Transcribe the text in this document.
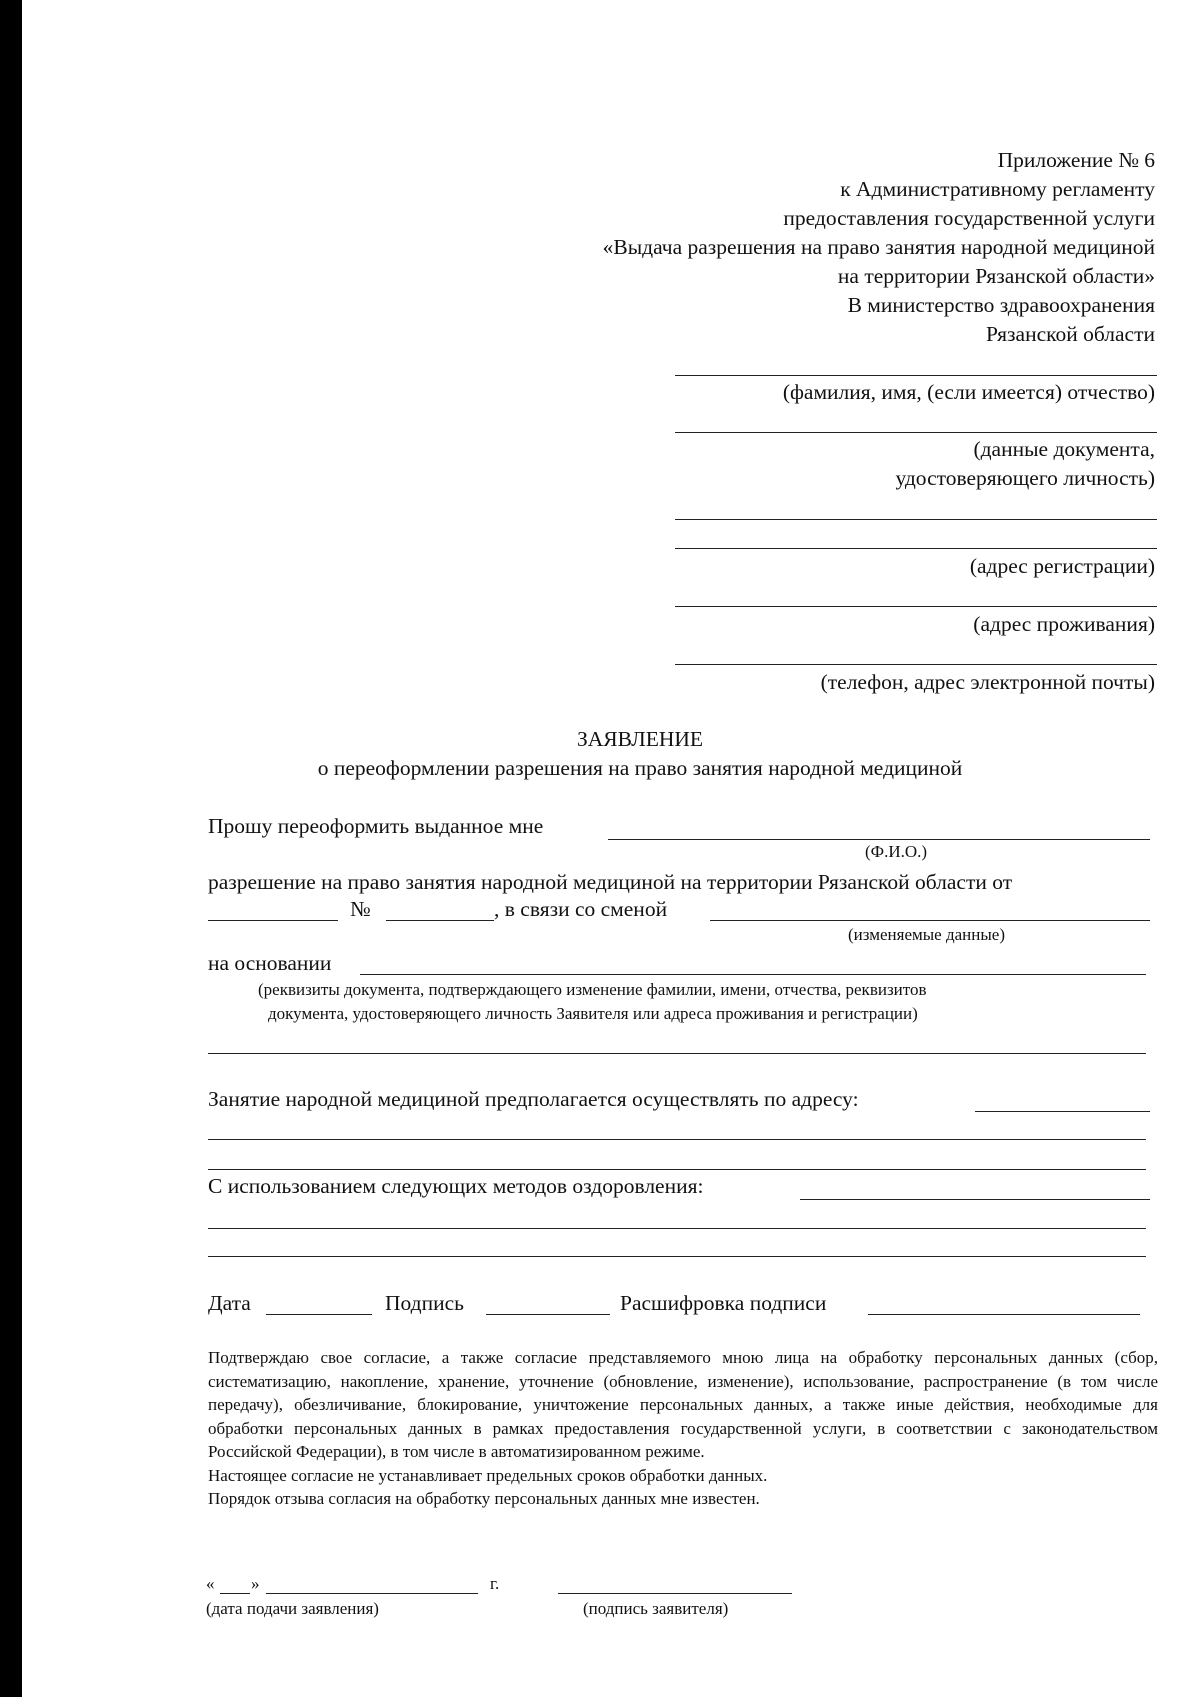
Приложение № 6
к Административному регламенту
предоставления государственной услуги
«Выдача разрешения на право занятия народной медициной
на территории Рязанской области»
В министерство здравоохранения
Рязанской области
(фамилия, имя, (если имеется) отчество)
(данные документа,
удостоверяющего личность)
(адрес регистрации)
(адрес проживания)
(телефон, адрес электронной почты)
ЗАЯВЛЕНИЕ
о переоформлении разрешения на право занятия народной медициной
Прошу переоформить выданное мне
(Ф.И.О.)
разрешение на право занятия народной медициной на территории Рязанской области от
№	, в связи со сменой
(изменяемые данные)
на основании
(реквизиты документа, подтверждающего изменение фамилии, имени, отчества, реквизитов
документа, удостоверяющего личность Заявителя или адреса проживания и регистрации)
Занятие народной медициной предполагается осуществлять по адресу:
С использованием следующих методов оздоровления:
Дата	Подпись	Расшифровка подписи

Подтверждаю свое согласие, а также согласие представляемого мною лица на обработку персональных данных (сбор, систематизацию, накопление, хранение, уточнение (обновление, изменение), использование, распространение (в том числе передачу), обезличивание, блокирование, уничтожение персональных данных, а также иные действия, необходимые для обработки персональных данных в рамках предоставления государственной услуги, в соответствии с законодательством Российской Федерации), в том числе в автоматизированном режиме.

Настоящее согласие не устанавливает предельных сроков обработки данных.

Порядок отзыва согласия на обработку персональных данных мне известен.

« »	г.
(дата подачи заявления)	(подпись заявителя)
